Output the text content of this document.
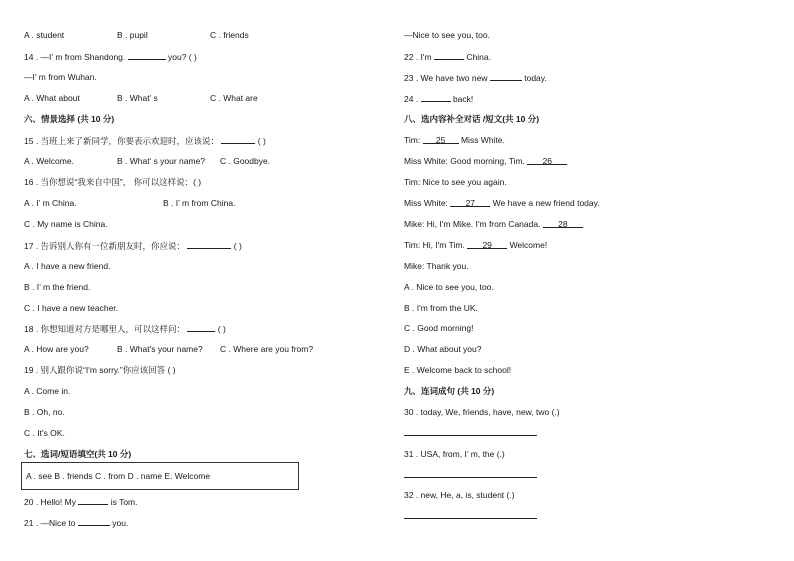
A . student	B . pupil	C . friends
14 . —I’ m from Shandong.	you? ( )
—I’ m from Wuhan.
A . What about	B . What’ s	C . What are
六、情景选择 (共 10 分)
15 . 当班上来了新同学，你要表示欢迎时，应该说：	( )
A . Welcome.	B . What’ s your name? C . Goodbye.
16 . 当你想说“我来自中国”， 你可以这样说：( )
A . I’ m China.	B . I’ m from China.
C . My name is China.
17 . 告诉别人你有一位新朋友时，你应说：	( )
A . I have a new friend.
B . I’ m the friend.
C . I have a new teacher.
18 . 你想知道对方是哪里人，可以这样问：	( )
A . How are you?	B . What's your name? C . Where are you from?
19 . 别人跟你说“I'm sorry.”你应该回答 ( )
A . Come in.
B . Oh, no.
C . It's OK.
七、选词/短语填空(共 10 分)
A . see B . friends C . from D . name E. Welcome
20 . Hello! My	is Tom.
21 . —Nice to	you.
—Nice to see you, too.
22 . I'm	China.
23 . We have two new	today.
24 .	back!
八、选内容补全对话 /短文(共 10 分)
Tim: 25 Miss White.
Miss White: Good morning, Tim. 26
Tim: Nice to see you again.
Miss White: 27 We have a new friend today.
Mike: Hi, I'm Mike. I'm from Canada. 28
Tim: Hi, I'm Tim. 29 Welcome!
Mike: Thank you.
A . Nice to see you, too.
B . I'm from the UK.
C . Good morning!
D . What about you?
E . Welcome back to school!
九、连词成句 (共 10 分)
30 . today, We, friends, have, new, two (.)
31 . USA, from, I’ m, the (.)
32 . new, He, a, is, student (.)
